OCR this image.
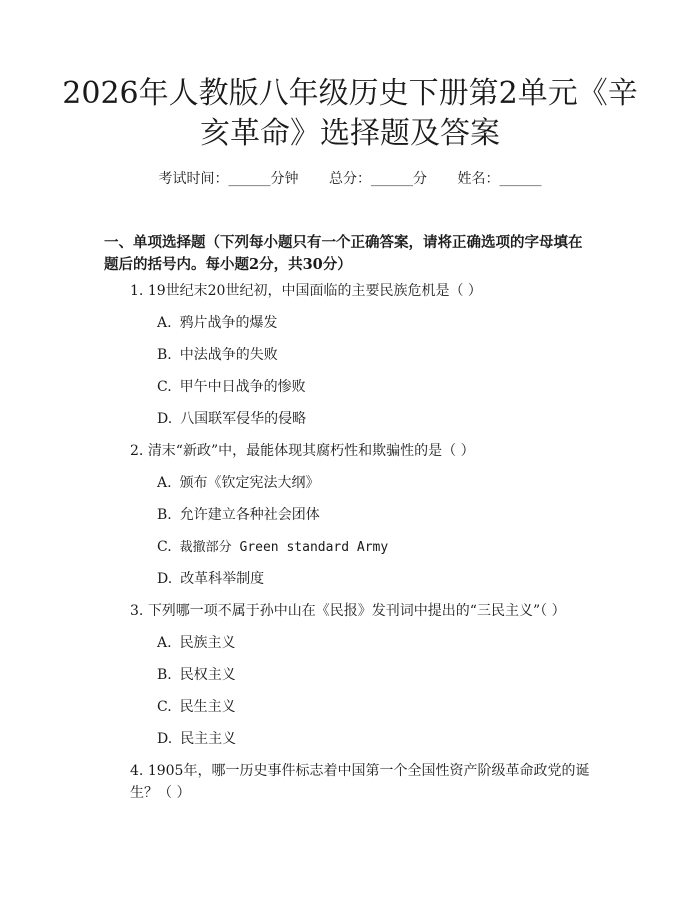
2026年人教版八年级历史下册第2单元《辛亥革命》选择题及答案
考试时间：______分钟 总分：______分 姓名：______

一、单项选择题（下列每小题只有一个正确答案，请将正确选项的字母填在题后的括号内。每小题2分，共30分）

1. 19世纪末20世纪初，中国面临的主要民族危机是（ ）
A. 鸦片战争的爆发
B. 中法战争的失败
C. 甲午中日战争的惨败
D. 八国联军侵华的侵略
2. 清末“新政”中，最能体现其腐朽性和欺骗性的是（ ）
A. 颁布《钦定宪法大纲》
B. 允许建立各种社会团体
C. 裁撤部分 Green standard Army
D. 改革科举制度
3. 下列哪一项不属于孙中山在《民报》发刊词中提出的“三民主义”（ ）
A. 民族主义
B. 民权主义
C. 民生主义
D. 民主主义
4. 1905年，哪一历史事件标志着中国第一个全国性资产阶级革命政党的诞生？（ ）
